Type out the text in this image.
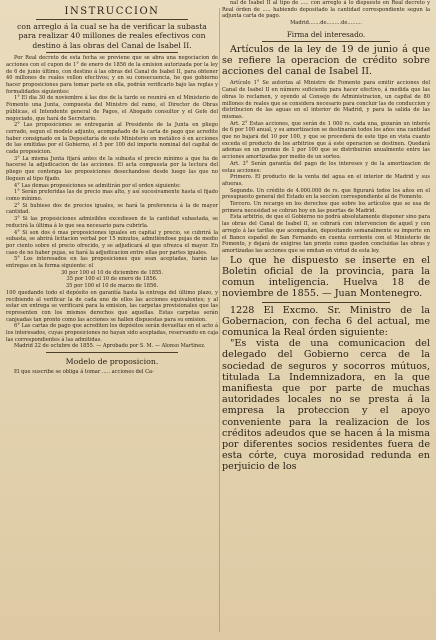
INSTRUCCION

con arreglo á la cual se ha de verificar la subasta para realizar 40 millones de reales efectivos con destino á las obras del Canal de Isabel II.

Por Real decreto de esta fecha se previene que se abra una negociacion de acciones con el cupon de 1° de enero de 1856 de la emision autorizada por la ley de 6 de junio último, con destino á las obras del Canal de Isabel II, para obtener 40 millones de reales vellon efectivos; y en su consecuencia, he que gobierno hacer proposiciones para tomar parte en ella, podrán verificarlo bajo las reglas y formalidades siguientes:

1° El dia 30 de noviembre á las dos de la tarde se reunirá en el Ministerio de Fomento una Junta, compuesta del Ministro del ramo, el Director de Obras públicas, el Intendente general de Pagos, el Abogado consultor y el Gefe del negociado, que hará de Secretario.

2° Las proposiciones se entregarán al Presidente de la Junta en pliego cerrado, segun el modelo adjunto, acompañado de la carta de pago que acredite haber consignado en la Depositaría de este Ministerio en metálico ó en acciones de las emitidas por el Gobierno, el 5 por 100 del importe nominal del capital de cada proposicion.

3° La misma Junta fijará antes de la subasta el precio mínimo a que ha de hacerse la adjudicacion de las acciones. El acta compuesta por la lectura del pliego que contenga las proposiciones desechandose desde luego las que no lleguen al tipo fijado.

4° Las demas proposiciones se admitirán por el orden siguiente:

1° Serán preferidas las de precio mas alto, y así sucesivamente hasta el fijado como mínimo.

2° Si hubiese dos de precios iguales, se hará la preferencia á la de mayor cantidad.

3° Si las proposiciones admisibles excediesen de la cantidad subastada, se reducirá la última á lo que sea necesario para cubrirla.

4° Si son dos ó mas proposiciones iguales en capital y precio, se cubrirá la subasta, se abrirá licitacion verbal por 15 minutos, admitiéndose pujas de medio por ciento sobre el precio ofrecido, y se adjudicará al que ofrezca el mayor. En caso de no haber pujas, se hará la adjudicacion entre ellas por partes iguales.

5° Los interesados en las proposiciones que sean aceptadas, harán las entregas en la forma siguiente: el

30 por 100 el 10 de diciembre de 1855.

35 por 100 el 10 de enero de 1856.

35 por 100 el 10 de marzo de 1856.

100 quedando todo el depósito en garantía hasta la entrega del último plazo, y recibiendo al verificar la de cada uno de ellos las acciones equivalentes; y al estar en entrega se verificará para la emision, las carpetas provisionales que las representen con los mismos derechos que aquellas. Estas carpetas serán canjeadas tan pronto como las acciones se hallen dispuestas para su emision.

6° Las cartas de pago que acrediten los depósitos serán devueltas en el acto á los interesados, cuyas proposiciones no hayan sido aceptadas, reservando en caja las correspondientes á las admitidas.

Madrid 22 de octubre de 1855. — Aprobado por S. M. — Alonso Martinez.

Modelo de proposicion.

El que suscribe se obliga á tomar ..... acciones del Ca-

nal de Isabel II al tipo de ..... con arreglo á lo dispuesto en Real decreto y Real órden de ..... habiendo depositado la cantidad correspondiente segun la adjunta carta de pago.

Madrid.......de.........de.........

Firma del interesado.

Artículos de la ley de 19 de junio á que se refiere la operacion de crédito sobre acciones del canal de Isabel II.

Artículo 1° Se autoriza al Ministro de Fomento para emitir acciones del Canal de Isabel II en número suficiente para hacer efectivo, á medida que las obras lo reclamen, y oyendo al Consejo de Administracion, un capital de 80 millones de reales que se considera necesario para concluir las de conduccion y distribucion de las aguas en el interior de Madrid, y para la salida de las mismas.

Art. 2° Estas acciones, que serán de 1 000 rs. cada una, gozarán un interés de 6 por 100 anual, y su amortizacion se destinarán todos los años una cantidad que no bajará del 10 por 100, y que se procederá de este tipo en vista cuanto exceda el producto de los arbitrios que á este operacion se destinen. Quedará ademas en un premio de 1 por 100 que se distribuirán anualmente entre las acciones amortizadas por medio de un sorteo.

Art. 3° Serán garantía del pago de los intereses y de la amortizacion de estas acciones:

Primero. El producto de la venta del agua en el interior de Madrid y sus afueras.

Segundo. Un crédito de 4.000.000 de rs. que figurará todos los años en el presupuesto general del Estado en la seccion correspondiente al de Fomento.

Tercero. Un recargo en los derechos que sobre los artículos que se usa de primera necesidad se cobran hoy en las puertas de Madrid.

Esta arbitrio, de que el Gobierno no podrá absolutamente disponer sino para las obras del Canal de Isabel II, se cobrará con intervencion de aquel y con arreglo á las tarifas que acompañan, depositando semanalmente su importe en el Banco español de San Fernando en cuenta corriente con el Ministerio de Fomento, y dejará de exigirse tan pronto como queden concluidas las obras y amortizadas las acciones que se emitan en virtud de esta ley.

Lo que he dispuesto se inserte en el Boletin oficial de la provincia, para la comun inteligencia. Huelva 18 de noviembre de 1855. — Juan Montenegro.

1228 El Excmo. Sr. Ministro de la Gobernacion, con fecha 6 del actual, me comunica la Real órden siguiente:

"Es vista de una comunicacion del delegado del Gobierno cerca de la sociedad de seguros y socorros mútuos, titulada La Indemnizadora, en la que manifiesta que por parte de muchas autoridades locales no se presta á la empresa la proteccion y el apoyo conveniente para la realizacion de los créditos adeudos que se hacen á la misma por diferentes socios residentes fuera de esta córte, cuya morosidad redunda en perjuicio de los
